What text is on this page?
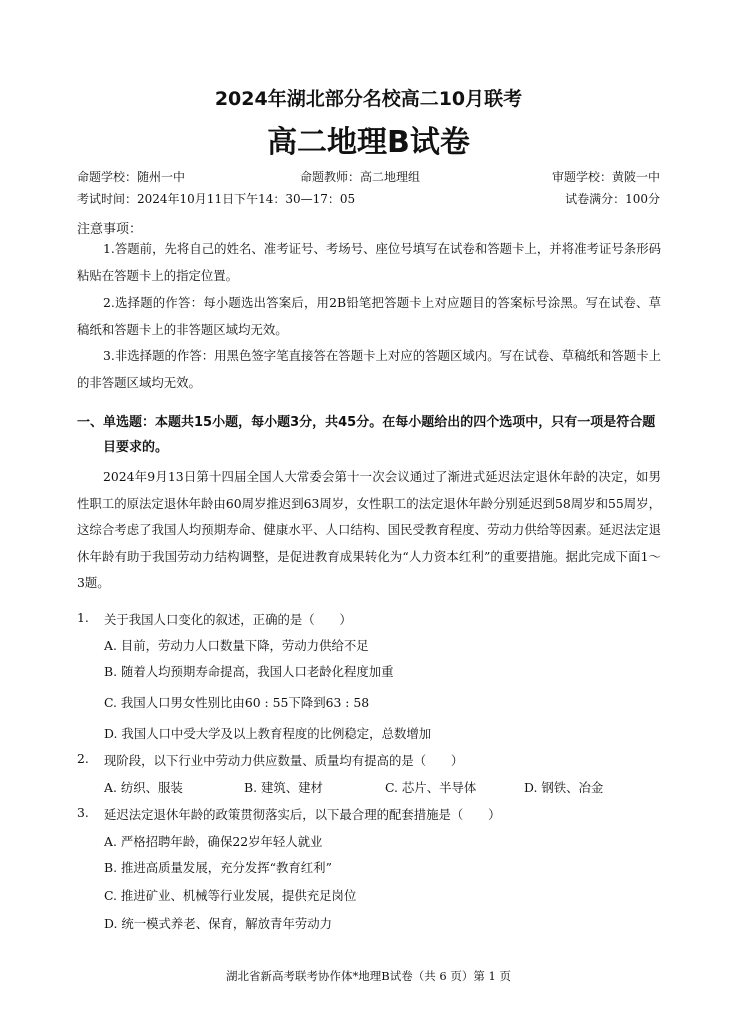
2024年湖北部分名校高二10月联考
高二地理B试卷
命题学校：随州一中	命题教师：高二地理组	审题学校：黄陂一中
考试时间：2024年10月11日下午14：30—17：05	试卷满分：100分
注意事项：
1.答题前，先将自己的姓名、准考证号、考场号、座位号填写在试卷和答题卡上，并将准考证号条形码粘贴在答题卡上的指定位置。
2.选择题的作答：每小题选出答案后，用2B铅笔把答题卡上对应题目的答案标号涂黑。写在试卷、草稿纸和答题卡上的非答题区域均无效。
3.非选择题的作答：用黑色签字笔直接答在答题卡上对应的答题区域内。写在试卷、草稿纸和答题卡上的非答题区域均无效。
一、单选题：本题共15小题，每小题3分，共45分。在每小题给出的四个选项中，只有一项是符合题目要求的。
2024年9月13日第十四届全国人大常委会第十一次会议通过了渐进式延迟法定退休年龄的决定，如男性职工的原法定退休年龄由60周岁推迟到63周岁，女性职工的法定退休年龄分别延迟到58周岁和55周岁，这综合考虑了我国人均预期寿命、健康水平、人口结构、国民受教育程度、劳动力供给等因素。延迟法定退休年龄有助于我国劳动力结构调整，是促进教育成果转化为“人力资本红利”的重要措施。据此完成下面1～3题。
1. 关于我国人口变化的叙述，正确的是（　　）
A. 目前，劳动力人口数量下降，劳动力供给不足
B. 随着人均预期寿命提高，我国人口老龄化程度加重
C. 我国人口男女性别比由60 : 55下降到63 : 58
D. 我国人口中受大学及以上教育程度的比例稳定，总数增加
2. 现阶段，以下行业中劳动力供应数量、质量均有提高的是（　　）
A. 纺织、服装	B. 建筑、建材	C. 芯片、半导体	D. 钢铁、冶金
3. 延迟法定退休年龄的政策贯彻落实后，以下最合理的配套措施是（　　）
A. 严格招聘年龄，确保22岁年轻人就业
B. 推进高质量发展，充分发挥“教育红利”
C. 推进矿业、机械等行业发展，提供充足岗位
D. 统一模式养老、保育，解放青年劳动力
湖北省新高考联考协作体*地理B试卷（共 6 页）第 1 页
